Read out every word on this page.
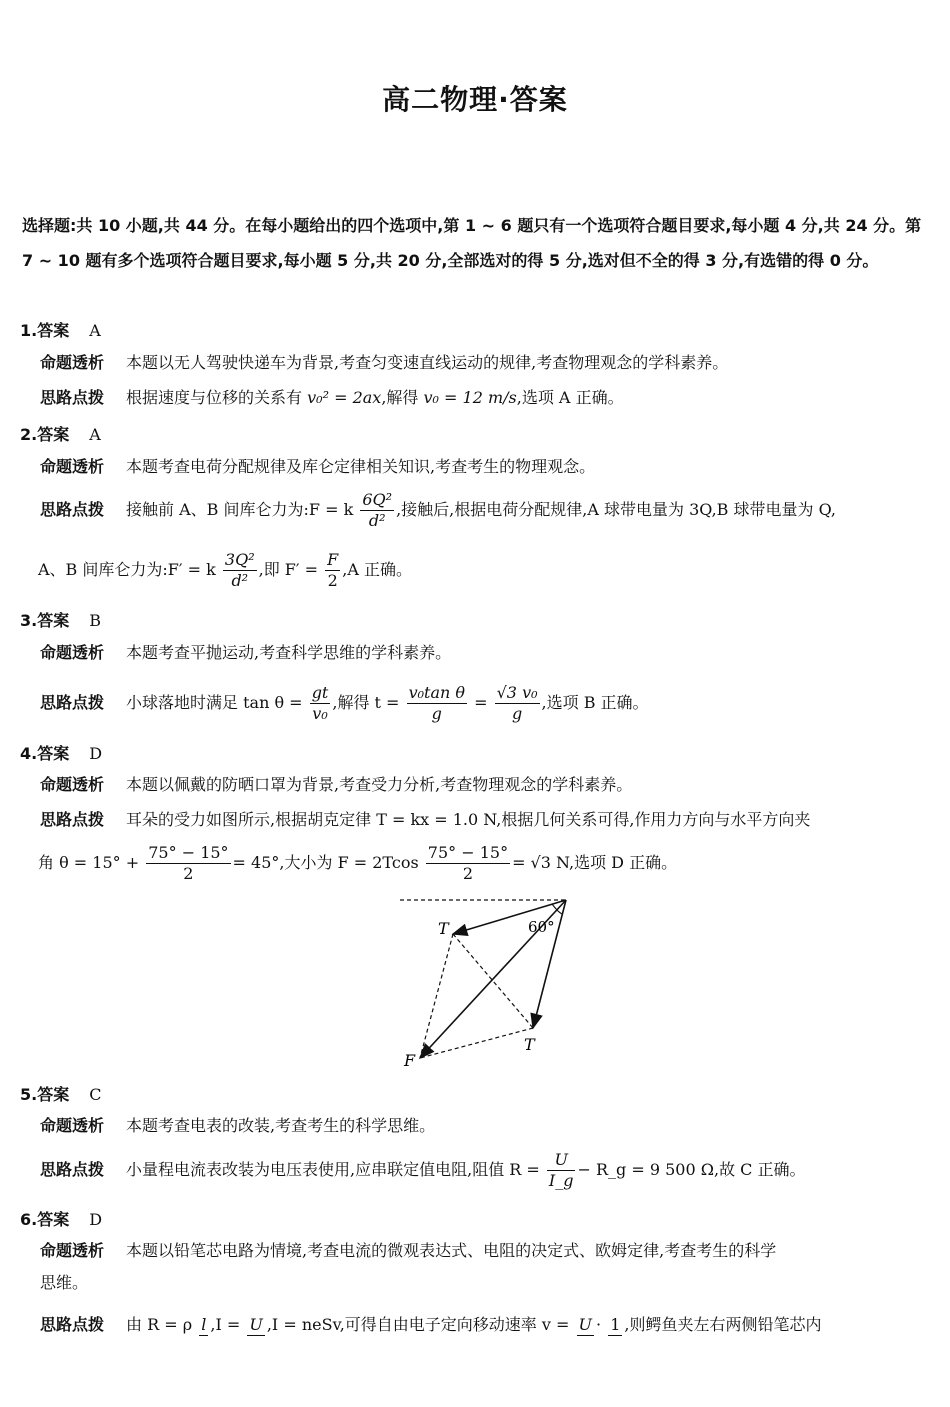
高二物理·答案
选择题:共 10 小题,共 44 分。在每小题给出的四个选项中,第 1 ~ 6 题只有一个选项符合题目要求,每小题 4 分,共 24 分。第 7 ~ 10 题有多个选项符合题目要求,每小题 5 分,共 20 分,全部选对的得 5 分,选对但不全的得 3 分,有选错的得 0 分。
1.答案 A
命题透析 本题以无人驾驶快递车为背景,考查匀变速直线运动的规律,考查物理观念的学科素养。
思路点拨 根据速度与位移的关系有 v₀² = 2ax,解得 v₀ = 12 m/s,选项 A 正确。
2.答案 A
命题透析 本题考查电荷分配规律及库仑定律相关知识,考查考生的物理观念。
思路点拨 接触前 A、B 间库仑力为:F = k $\frac{\text{6Q²}}{\text{d²}}$ ,接触后,根据电荷分配规律,A 球带电量为 3Q,B 球带电量为 Q,
A、B 间库仑力为:F′ = k $\frac{\text{3Q²}}{\text{d²}}$ ,即 $F' = \frac{F}{2} ,A$ 正确。
3.答案 B
命题透析 本题考查平抛运动,考查科学思维的学科素养。
思路点拨 小球落地时满足 $\tan \theta = \frac{gt}{\text{v₀}}$ ,解得 $t = \frac{\text{v₀tan θ}}{g} = \frac{\text{√3 v₀}}{g}$ ,选项 B 正确。
4.答案 D
命题透析 本题以佩戴的防晒口罩为背景,考查受力分析,考查物理观念的学科素养。
思路点拨 耳朵的受力如图所示,根据胡克定律 T = kx = 1.0 N,根据几何关系可得,作用力方向与水平方向夹
角 $\theta = 15^\circ + \frac{75^\circ - 15^\circ}{2} = 45^\circ$,大小为 $F = 2Tcos \frac{75^\circ - 15^\circ}{2} = √3$ N,选项 D 正确。
60°
T
T
F
5.答案 C
命题透析 本题考查电表的改装,考查考生的科学思维。
思路点拨 小量程电流表改装为电压表使用,应串联定值电阻,阻值 $R = \frac{U}{I\_g}$ − R_g = 9 500 Ω,故 C 正确。
6.答案 D
命题透析 本题以铅笔芯电路为情境,考查电流的微观表达式、电阻的决定式、欧姆定律,考查考生的科学
思维。
思路点拨 由 R = ρ l ,I = U ,I = neSv,可得自由电子定向移动速率 v = U · 1 ,则鳄鱼夹左右两侧铅笔芯内
